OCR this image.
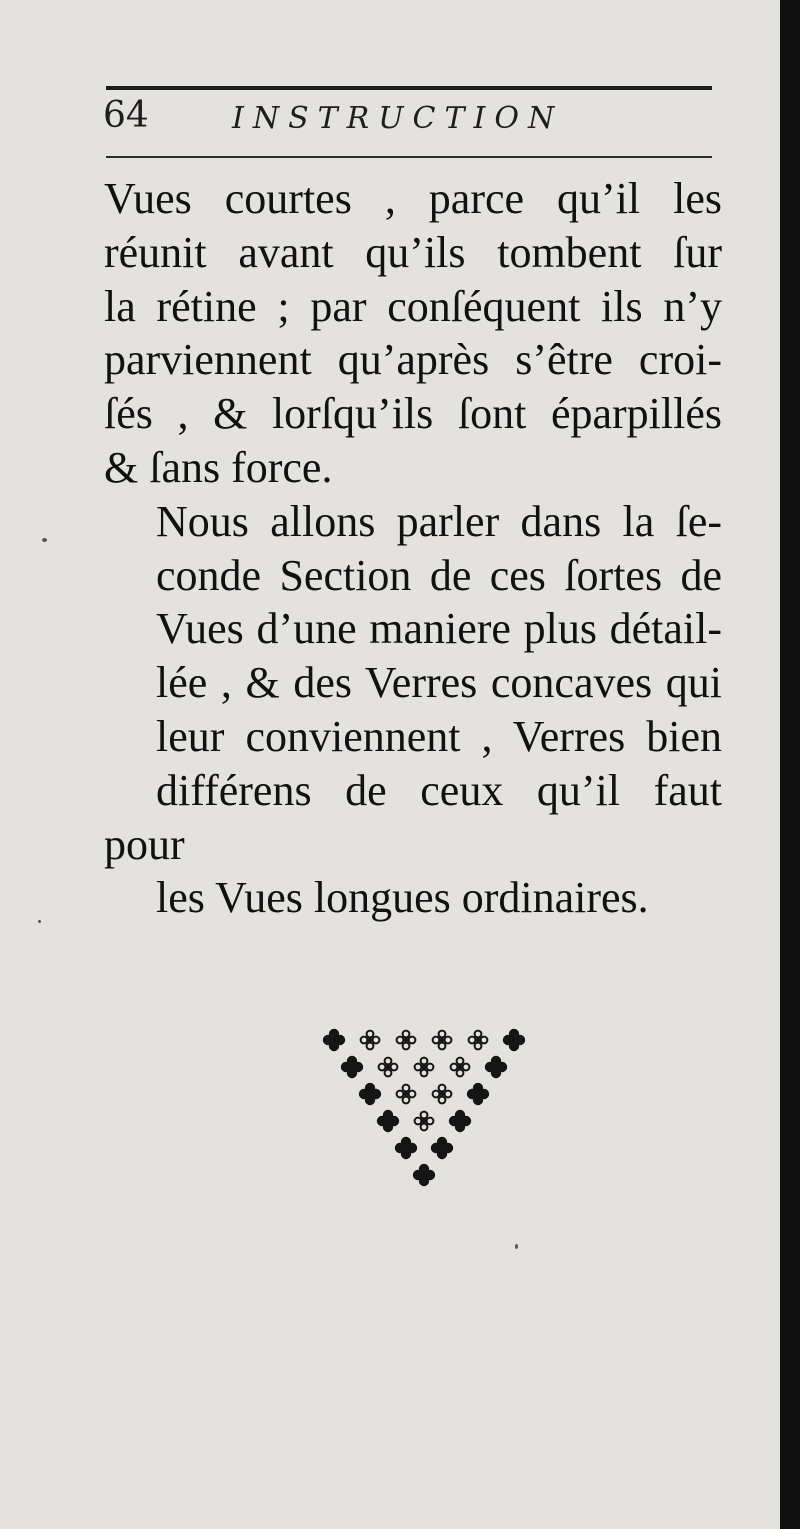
64	INSTRUCTION

Vues courtes , parce qu’il les
réunit avant qu’ils tombent ſur
la rétine ; par conſéquent ils n’y
parviennent qu’après s’être croi-
ſés , & lorſqu’ils ſont éparpillés
& ſans force.

Nous allons parler dans la ſe-
conde Section de ces ſortes de
Vues d’une maniere plus détail-
lée , & des Verres concaves qui
leur conviennent , Verres bien
différens de ceux qu’il faut pour
les Vues longues ordinaires.
